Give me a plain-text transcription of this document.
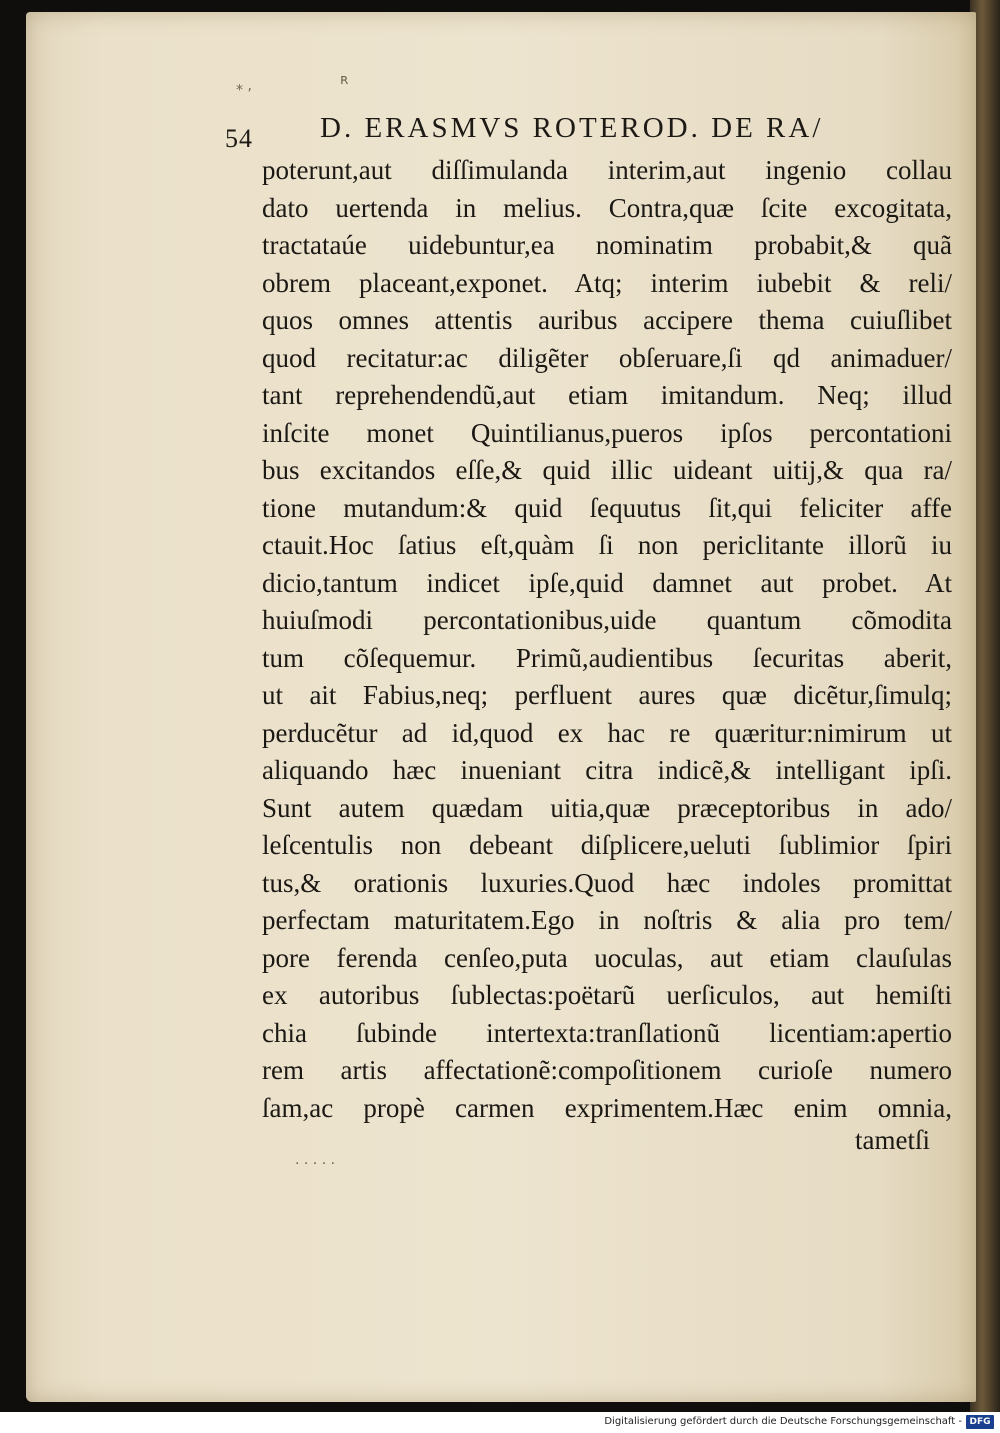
⁎ ,	ʀ
· · · · ·
54 D. ERASMVS ROTEROD. DE RA/
poterunt,aut diſſimulanda interim,aut ingenio collau
dato uertenda in melius. Contra,quæ ſcite excogitata,
tractataúe uidebuntur,ea nominatim probabit,& quã
obrem placeant,exponet. Atq; interim iubebit & reli/
quos omnes attentis auribus accipere thema cuiuſlibet
quod recitatur:ac diligẽter obſeruare,ſi qd animaduer/
tant reprehendendũ,aut etiam imitandum. Neq; illud
inſcite monet Quintilianus,pueros ipſos percontationi
bus excitandos eſſe,& quid illic uideant uitij,& qua ra/
tione mutandum:& quid ſequutus ſit,qui feliciter affe
ctauit.Hoc ſatius eſt,quàm ſi non periclitante illorũ iu
dicio,tantum indicet ipſe,quid damnet aut probet. At
huiuſmodi percontationibus,uide quantum cõmodita
tum cõſequemur. Primũ,audientibus ſecuritas aberit,
ut ait Fabius,neq; perfluent aures quæ dicẽtur,ſimulq;
perducẽtur ad id,quod ex hac re quæritur:nimirum ut
aliquando hæc inueniant citra indicẽ,& intelligant ipſi.
Sunt autem quædam uitia,quæ præceptoribus in ado/
leſcentulis non debeant diſplicere,ueluti ſublimior ſpiri
tus,& orationis luxuries.Quod hæc indoles promittat
perfectam maturitatem.Ego in noſtris & alia pro tem/
pore ferenda cenſeo,puta uoculas, aut etiam clauſulas
ex autoribus ſublectas:poëtarũ uerſiculos, aut hemiſti
chia ſubinde intertexta:tranſlationũ licentiam:apertio
rem artis affectationẽ:compoſitionem curioſe numero
ſam,ac propè carmen exprimentem.Hæc enim omnia,
tametſi
Digitalisierung gefördert durch die Deutsche Forschungsgemeinschaft - DFG
